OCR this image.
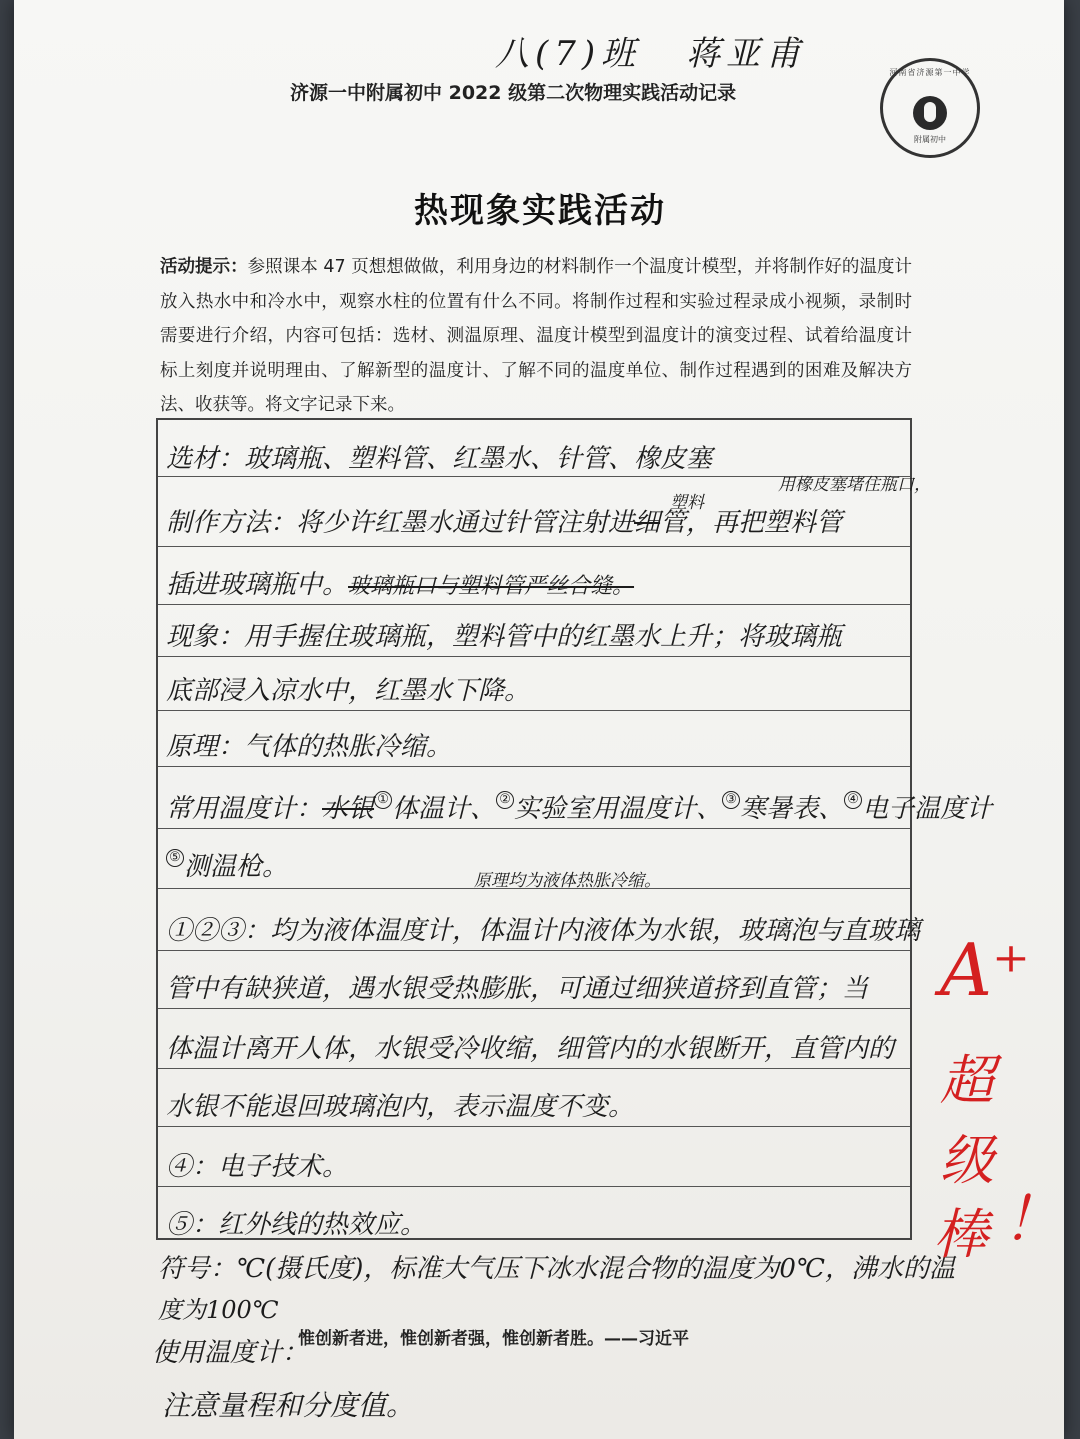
八(7)班 蒋亚甫
济源一中附属初中 2022 级第二次物理实践活动记录
河南省济源第一中学
附属初中
热现象实践活动
活动提示：参照课本 47 页想想做做，利用身边的材料制作一个温度计模型，并将制作好的温度计放入热水中和冷水中，观察水柱的位置有什么不同。将制作过程和实验过程录成小视频，录制时需要进行介绍，内容可包括：选材、测温原理、温度计模型到温度计的演变过程、试着给温度计标上刻度并说明理由、了解新型的温度计、了解不同的温度单位、制作过程遇到的困难及解决方法、收获等。将文字记录下来。
选材：玻璃瓶、塑料管、红墨水、针管、橡皮塞
用橡皮塞堵住瓶口，
塑料
制作方法：将少许红墨水通过针管注射进细管，再把塑料管
插进玻璃瓶中。玻璃瓶口与塑料管严丝合缝。
现象：用手握住玻璃瓶，塑料管中的红墨水上升；将玻璃瓶
底部浸入凉水中，红墨水下降。
原理：气体的热胀冷缩。
常用温度计：水银 ① 体温计、 ② 实验室用温度计、 ③ 寒暑表、 ④ 电子温度计
⑤ 测温枪。	原理均为液体热胀冷缩。
①②③：均为液体温度计，体温计内液体为水银，玻璃泡与直玻璃
管中有缺狭道，遇水银受热膨胀，可通过细狭道挤到直管；当
体温计离开人体，水银受冷收缩，细管内的水银断开，直管内的
水银不能退回玻璃泡内，表示温度不变。
④：电子技术。
⑤：红外线的热效应。
符号：℃(摄氏度)，标准大气压下冰水混合物的温度为0℃，沸水的温
度为100℃
使用温度计：
惟创新者进，惟创新者强，惟创新者胜。——习近平
注意量程和分度值。
A⁺
超
级
棒 ！
